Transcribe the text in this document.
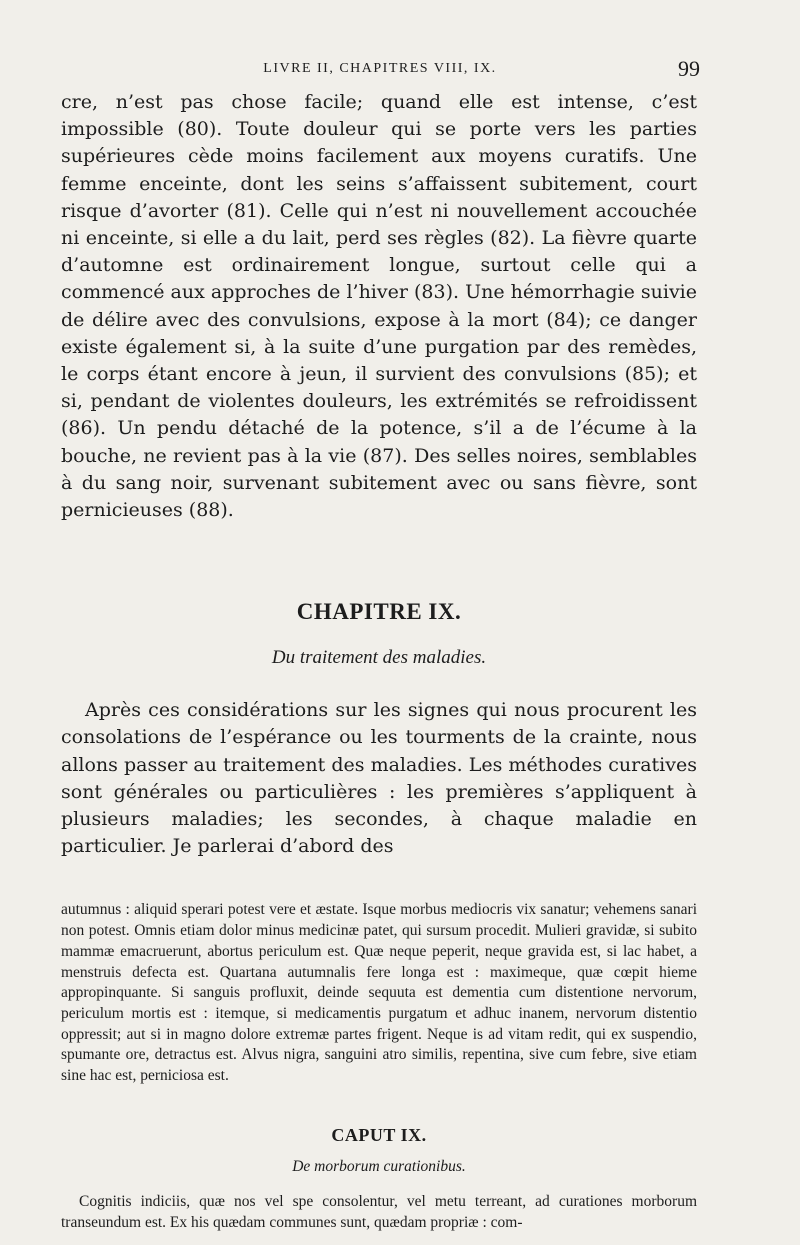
LIVRE II, CHAPITRES VIII, IX.	99

cre, n’est pas chose facile; quand elle est intense, c’est impossible (80). Toute douleur qui se porte vers les parties supérieures cède moins facilement aux moyens curatifs. Une femme enceinte, dont les seins s’affaissent subitement, court risque d’avorter (81). Celle qui n’est ni nouvellement accouchée ni enceinte, si elle a du lait, perd ses règles (82). La fièvre quarte d’automne est ordinairement longue, surtout celle qui a commencé aux approches de l’hiver (83). Une hémorrhagie suivie de délire avec des convulsions, expose à la mort (84); ce danger existe également si, à la suite d’une purgation par des remèdes, le corps étant encore à jeun, il survient des convulsions (85); et si, pendant de violentes douleurs, les extrémités se refroidissent (86). Un pendu détaché de la potence, s’il a de l’écume à la bouche, ne revient pas à la vie (87). Des selles noires, semblables à du sang noir, survenant subitement avec ou sans fièvre, sont pernicieuses (88).

CHAPITRE IX.

Du traitement des maladies.

Après ces considérations sur les signes qui nous procurent les consolations de l’espérance ou les tourments de la crainte, nous allons passer au traitement des maladies. Les méthodes curatives sont générales ou particulières : les premières s’appliquent à plusieurs maladies; les secondes, à chaque maladie en particulier. Je parlerai d’abord des

autumnus : aliquid sperari potest vere et æstate. Isque morbus mediocris vix sanatur; vehemens sanari non potest. Omnis etiam dolor minus medicinæ patet, qui sursum procedit. Mulieri gravidæ, si subito mammæ emacruerunt, abortus periculum est. Quæ neque peperit, neque gravida est, si lac habet, a menstruis defecta est. Quartana autumnalis fere longa est : maximeque, quæ cœpit hieme appropinquante. Si sanguis profluxit, deinde sequuta est dementia cum distentione nervorum, periculum mortis est : itemque, si medicamentis purgatum et adhuc inanem, nervorum distentio oppressit; aut si in magno dolore extremæ partes frigent. Neque is ad vitam redit, qui ex suspendio, spumante ore, detractus est. Alvus nigra, sanguini atro similis, repentina, sive cum febre, sive etiam sine hac est, perniciosa est.

CAPUT IX.

De morborum curationibus.

Cognitis indiciis, quæ nos vel spe consolentur, vel metu terreant, ad curationes morborum transeundum est. Ex his quædam communes sunt, quædam propriæ : com-
